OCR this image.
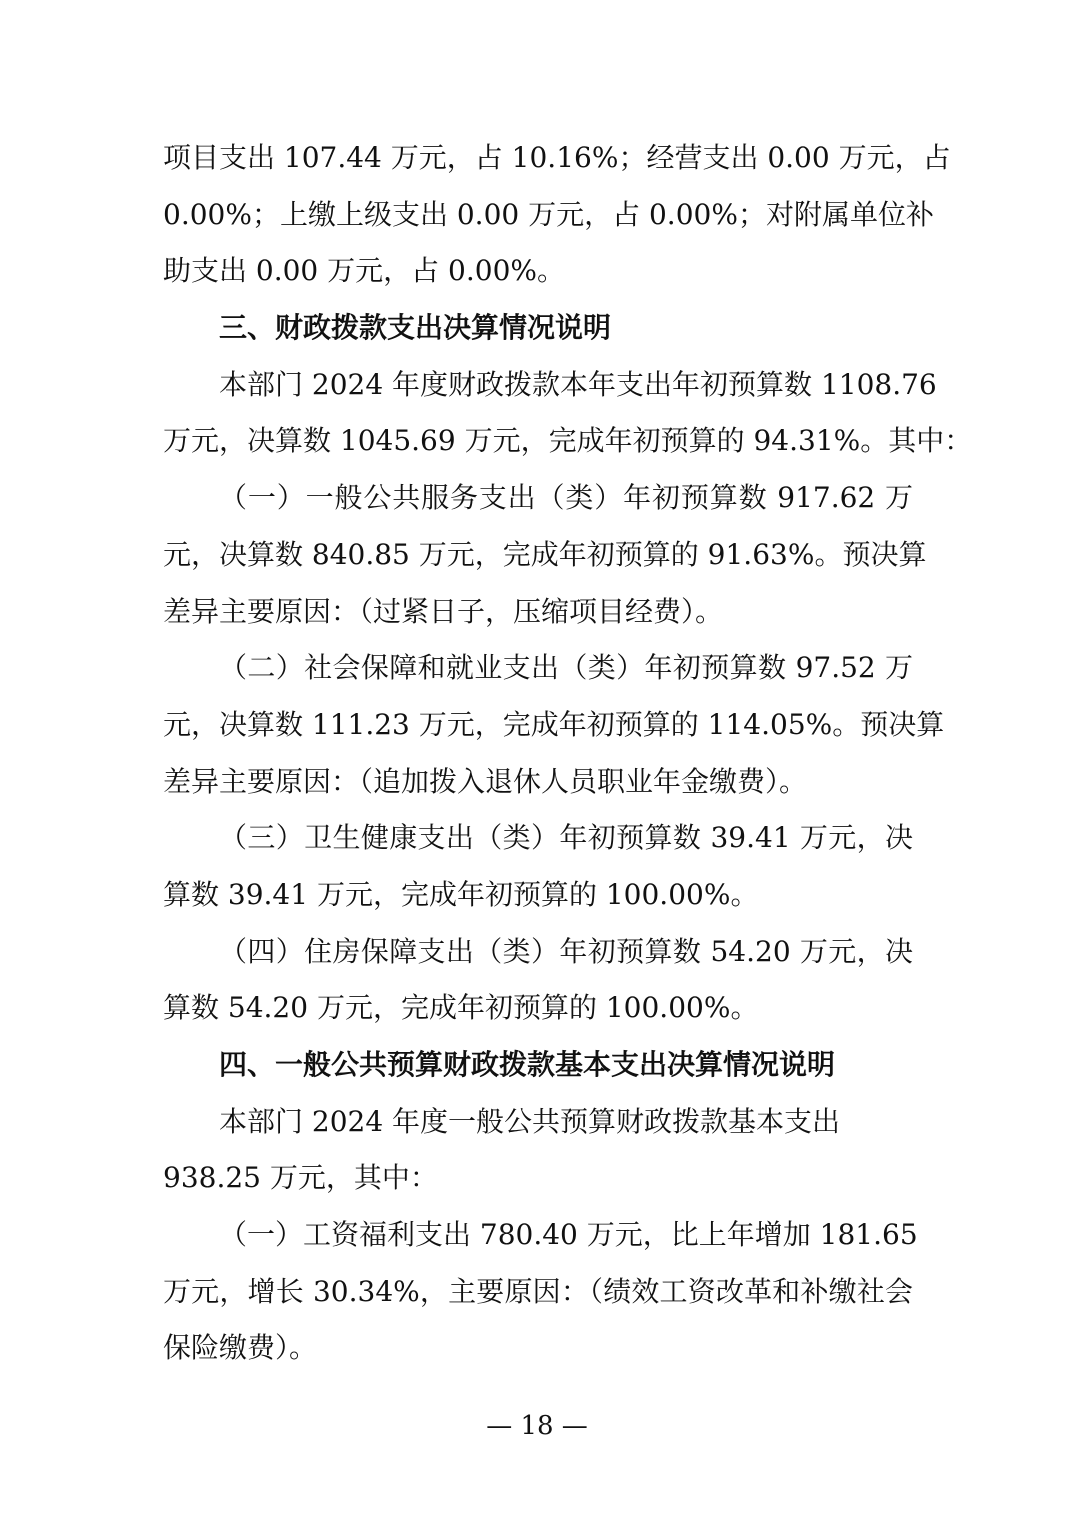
项目支出 107.44 万元，占 10.16%；经营支出 0.00 万元，占
0.00%；上缴上级支出 0.00 万元，占 0.00%；对附属单位补
助支出 0.00 万元，占 0.00%。
三、财政拨款支出决算情况说明
本部门 2024 年度财政拨款本年支出年初预算数 1108.76
万元，决算数 1045.69 万元，完成年初预算的 94.31%。其中：
（一）一般公共服务支出（类）年初预算数 917.62 万
元，决算数 840.85 万元，完成年初预算的 91.63%。预决算
差异主要原因：（过紧日子，压缩项目经费）。
（二）社会保障和就业支出（类）年初预算数 97.52 万
元，决算数 111.23 万元，完成年初预算的 114.05%。预决算
差异主要原因：（追加拨入退休人员职业年金缴费）。
（三）卫生健康支出（类）年初预算数 39.41 万元，决
算数 39.41 万元，完成年初预算的 100.00%。
（四）住房保障支出（类）年初预算数 54.20 万元，决
算数 54.20 万元，完成年初预算的 100.00%。
四、一般公共预算财政拨款基本支出决算情况说明
本部门 2024 年度一般公共预算财政拨款基本支出
938.25 万元，其中：
（一）工资福利支出 780.40 万元，比上年增加 181.65
万元，增长 30.34%，主要原因：（绩效工资改革和补缴社会
保险缴费）。
— 18 —
